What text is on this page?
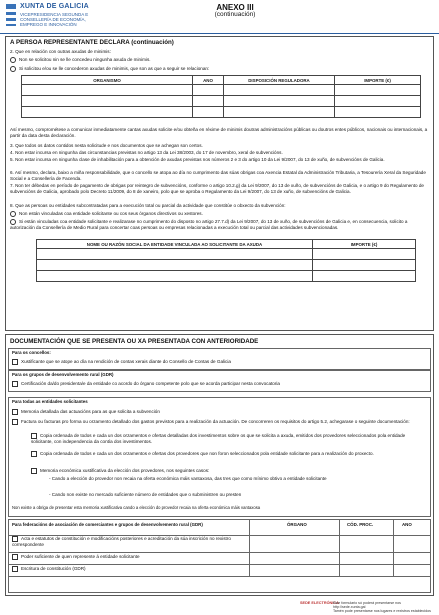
XUNTA DE GALICIA
VICEPRESIDENCIA SEGUNDA E
CONSELLERÍA DE ECONOMÍA,
EMPREGO E INNOVACIÓN
ANEXO III
(continuación)
A PERSOA REPRESENTANTE DECLARA (continuación)
2. Que en relación con outras axudas de minimis:
Non se solicitou nin se lle concedeu ningunha axuda de minimis.
Si solicitou e/ou se lle concederon axudas de minimis, que son as que a seguir se relacionan:
ORGANISMO	ANO	DISPOSICIÓN REGULADORA	IMPORTE (€)

Así mesmo, comprométese a comunicar inmediatamente cantas axudas solicite e/ou obteña en réxime de minimis doutras administracións públicas ou doutros entes públicos, nacionais ou internacionais, a partir da data desta declaración.
3. Que todos os datos contidos nesta solicitude e nos documentos que se achegan son certos.
4. Non estar incursa en ningunha das circunstancias previstas no artigo 13 da Lei 38/2003, do 17 de novembro, xeral de subvencións.
5. Non estar incursa en ningunha clase de inhabilitación para a obtención de axudas previstas nos números 2 e 3 do artigo 10 da Lei 9/2007, do 13 de xuño, de subvencións de Galicia.
6. Así mesmo, declara, baixo a miña responsabilidade, que o concello se atopa ao día no cumprimento das súas obrigas coa Axencia Estatal da Administración Tributaria, a Tesourería Xeral da Seguridade Social e a Consellería de Facenda.
7. Non ter débedas en período de pagamento de obrigas por reintegro de subvencións, conforme o artigo 10.2.g) da Lei 9/2007, do 13 de xuño, de subvencións de Galicia, e o artigo 9 do Regulamento de subvencións de Galicia, aprobado polo Decreto 11/2009, do 8 de xaneiro, polo que se aproba o Regulamento da Lei 9/2007, do 13 de xuño, de subvencións de Galicia.
8. Que as persoas ou entidades subcontratadas para a execución total ou parcial da actividade que constitúe o obxecto da subvención:
Non están vinculadas coa entidade solicitante ou cos seus órganos directivos ou xestores.
Si están vinculadas coa entidade solicitante e realizarase no cumprimento do disposto no artigo 27.7.d) da Lei 9/2007, do 13 de xuño, de subvencións de Galicia e, en consecuencia, solicito a autorización da Consellería de Medio Rural para concertar coas persoas ou empresas relacionadas a execución total ou parcial das actividades subvencionadas.
NOME OU RAZÓN SOCIAL DA ENTIDADE VINCULADA AO SOLICITANTE DA AXUDA	IMPORTE (€)

DOCUMENTACIÓN QUE SE PRESENTA OU XA PRESENTADA CON ANTERIORIDADE
Para os concellos:
Xustificante que se atope ao día na rendición de contas xerais diante do Consello de Contas de Galicia
Para os grupos de desenvolvemento rural (GDR)
Certificación da/do presidenta/e da entidade co acordo do órgano competente polo que se acorda participar nesta convocatoria
Para todas as entidades solicitantes
Memoria detallada das actuacións para as que solicita a subvención
Factura ou facturas pro forma ou orzamento detallado dos gastos previstos para a realización da actuación. De concorreren os requisitos do artigo 5.2, achegarase o seguinte documentación:
Copia ordenada de todos e cada un dos orzamentos e ofertas detalladas dos investimentos sobre os que se solicita a axuda, emitidos dos provedores seleccionados pola entidade solicitante, con independencia da contía dos investimentos.
Copia ordenada de todos e cada un dos orzamentos e ofertas dos provedores que non foron seleccionados pola entidade solicitante para a realización do proxecto.
Memoria económica xustificativa da elección dos provedores, nos seguintes casos:
- Cando a elección do provedor non recaia na oferta económica máis vantaxosa, das tres que como mínimo obtivo a entidade solicitante
- Cando non existe no mercado suficiente número de entidades que o subministren ou presten
Non existe a obriga de presentar esta memoria xustificativa cando a elección do provedor recaia na oferta económica máis vantaxosa
Para federacións de asociación de comerciantes e grupos de desenvolvemento rural (GDR)	ÓRGANO	CÓD. PROC.	ANO
Acta e estatutos de constitución e modificacións posteriores e acreditación da súa inscrición no rexistro correspondente
Poder suficiente de quen represente á entidade solicitante
Escritura de constitución (GDR)
SEDE ELECTRÓNICA
Este formulario só poderá presentarse nos
http://sede.xunta.gal
Tamén pode presentarse nos lugares e rexistros establecidos
